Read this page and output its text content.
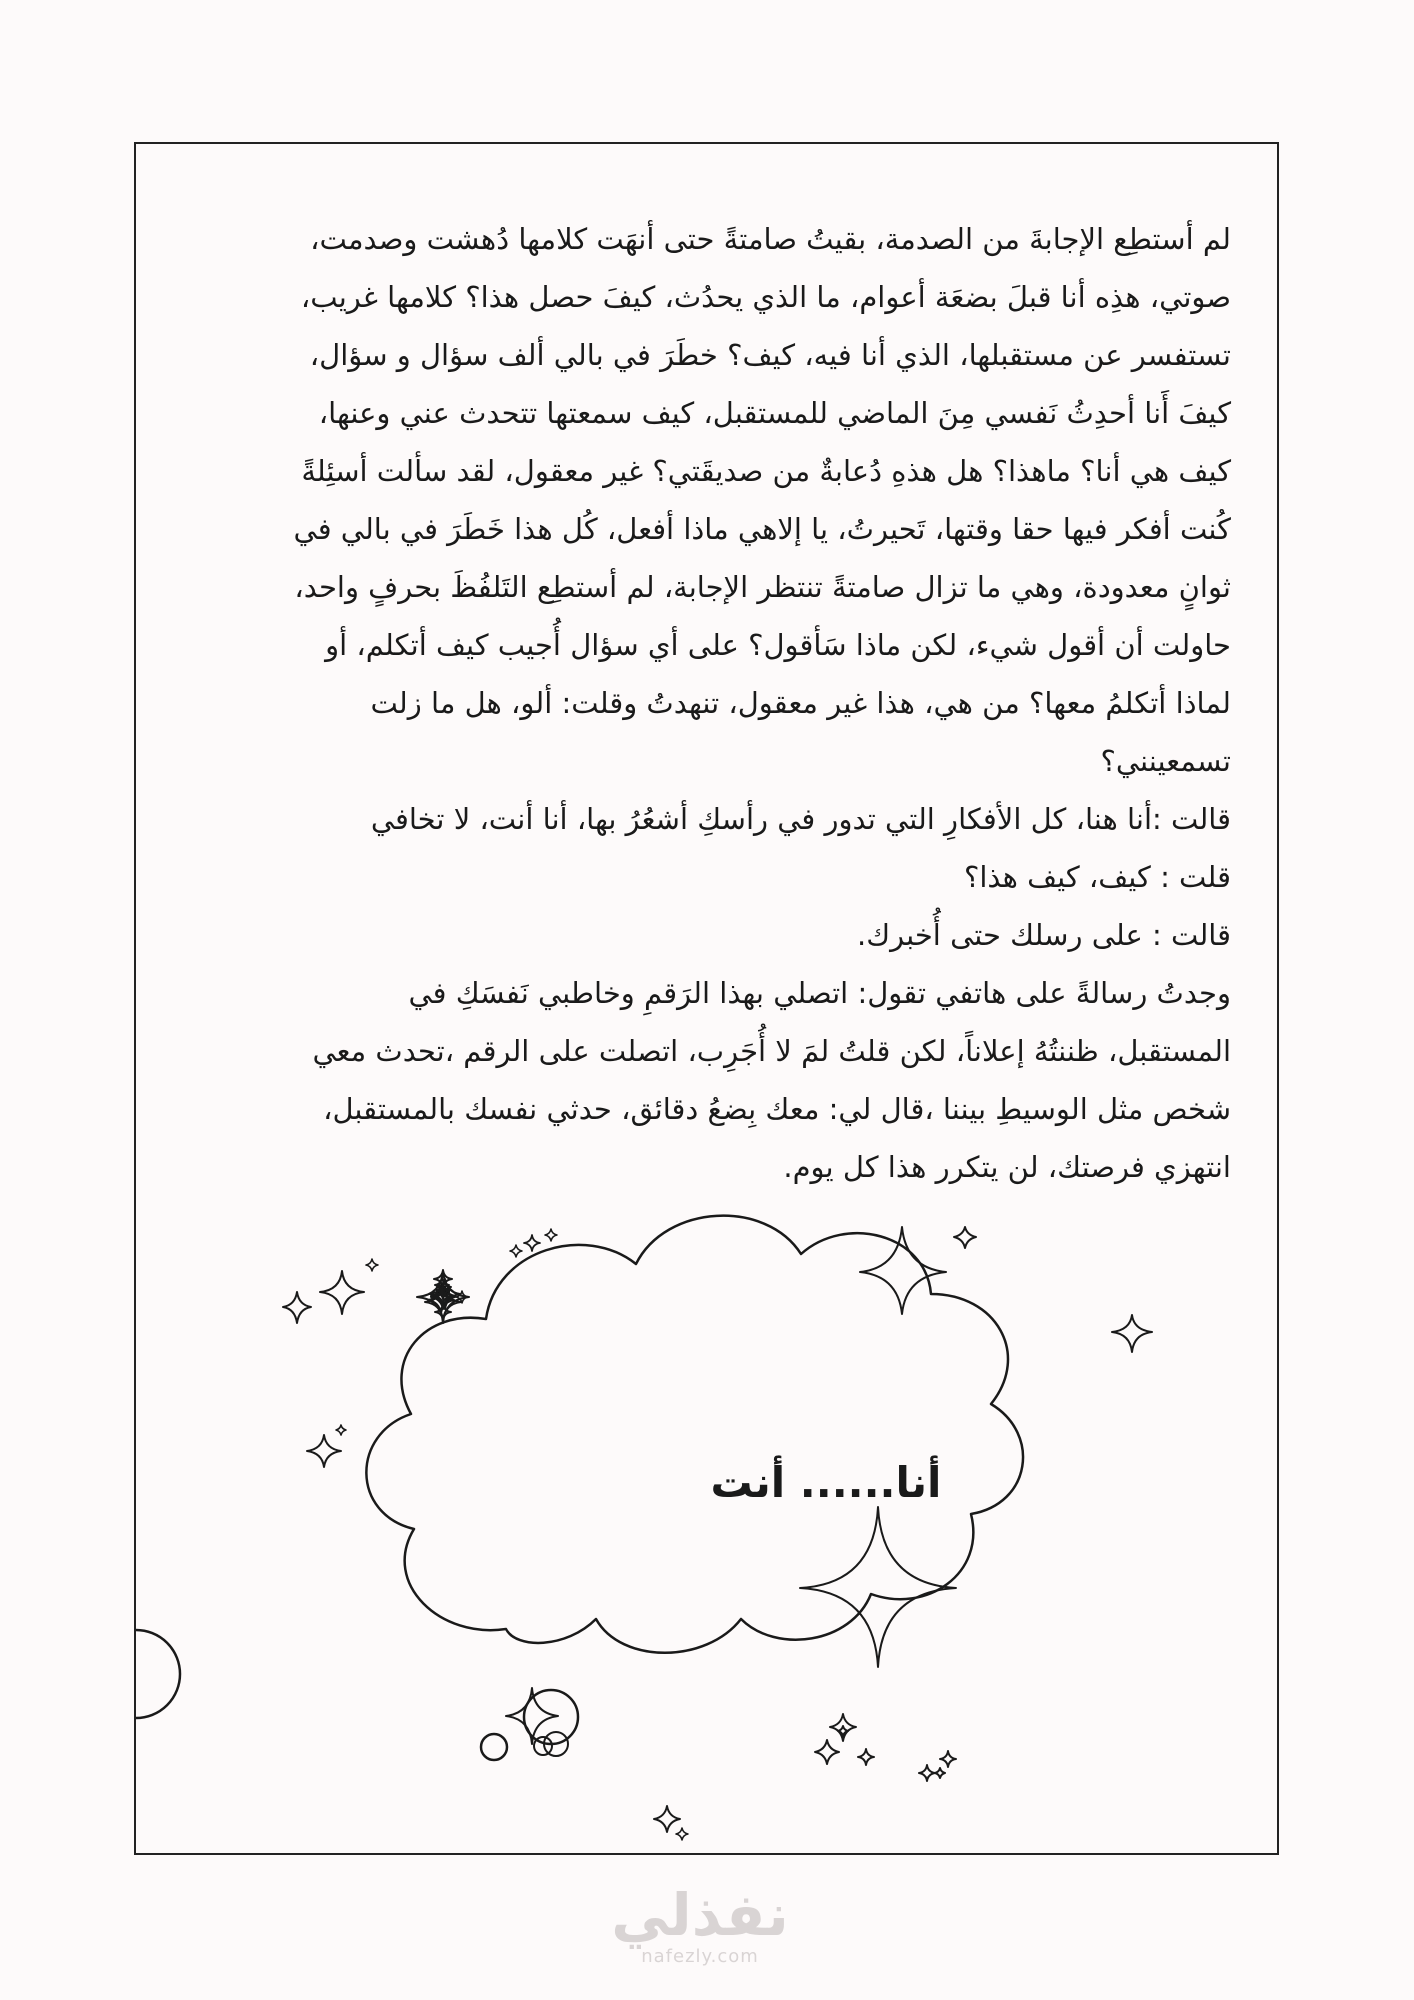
لم أستطِع الإجابةَ من الصدمة، بقيتُ صامتةً حتى أنهَت كلامها دُهشت وصدمت،
صوتي، هذِه أنا قبلَ بضعَة أعوام، ما الذي يحدُث، كيفَ حصل هذا؟ كلامها غريب،
تستفسر عن مستقبلها، الذي أنا فيه، كيف؟ خطَرَ في بالي ألف سؤال و سؤال،
كيفَ أَنا أحدِثُ نَفسي مِنَ الماضي للمستقبل، كيف سمعتها تتحدث عني وعنها،
كيف هي أنا؟ ماهذا؟ هل هذهِ دُعابةٌ من صديقَتي؟ غير معقول، لقد سألت أسئِلةً
كُنت أفكر فيها حقا وقتها، تَحيرتُ، يا إلاهي ماذا أفعل، كُل هذا خَطَرَ في بالي في
ثوانٍ معدودة، وهي ما تزال صامتةً تنتظر الإجابة، لم أستطِع التَلفُظَ بحرفٍ واحد،
حاولت أن أقول شيء، لكن ماذا سَأقول؟ على أي سؤال أُجيب كيف أتكلم، أو
لماذا أتكلمُ معها؟ من هي، هذا غير معقول، تنهدتُ وقلت: ألو، هل ما زلت
تسمعينني؟
قالت :أنا هنا، كل الأفكارِ التي تدور في رأسكِ أشعُرُ بها، أنا أنت، لا تخافي
قلت : كيف، كيف هذا؟
قالت : على رسلك حتى أُخبرك.
وجدتُ رسالةً على هاتفي تقول: اتصلي بهذا الرَقمِ وخاطبي نَفسَكِ في
المستقبل، ظننتُهُ إعلاناً، لكن قلتُ لمَ لا أُجَرِب، اتصلت على الرقم ،تحدث معي
شخص مثل الوسيطِ بيننا ،قال لي: معك بِضعُ دقائق، حدثي نفسك بالمستقبل،
انتهزي فرصتك، لن يتكرر هذا كل يوم.
أنا...... أنت
نفذلي
nafezly.com
